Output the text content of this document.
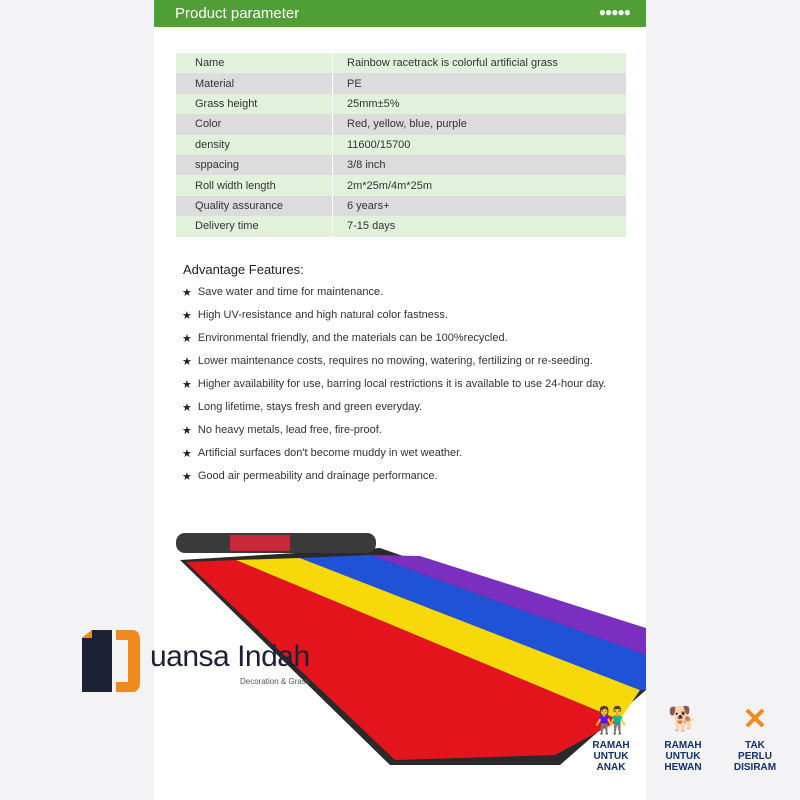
Product parameter	●●●●●
Name	Rainbow racetrack is colorful artificial grass
Material	PE
Grass height	25mm±5%
Color	Red, yellow, blue, purple
density	11600/15700
sppacing	3/8 inch
Roll width length	2m*25m/4m*25m
Quality assurance	6 years+
Delivery time	7-15 days
Advantage Features:
★ Save water and time for maintenance.
★ High UV-resistance and high natural color fastness.
★ Environmental friendly, and the materials can be 100%recycled.
★ Lower maintenance costs, requires no mowing, watering, fertilizing or re-seeding.
★ Higher availability for use, barring local restrictions it is available to use 24-hour day.
★ Long lifetime, stays fresh and green everyday.
★ No heavy metals, lead free, fire-proof.
★ Artificial surfaces don't become muddy in wet weather.
★ Good air permeability and drainage performance.
uansa Indah
Decoration & Grass
👫
RAMAH
UNTUK
ANAK
🐕
RAMAH
UNTUK
HEWAN
✕
TAK
PERLU
DISIRAM
